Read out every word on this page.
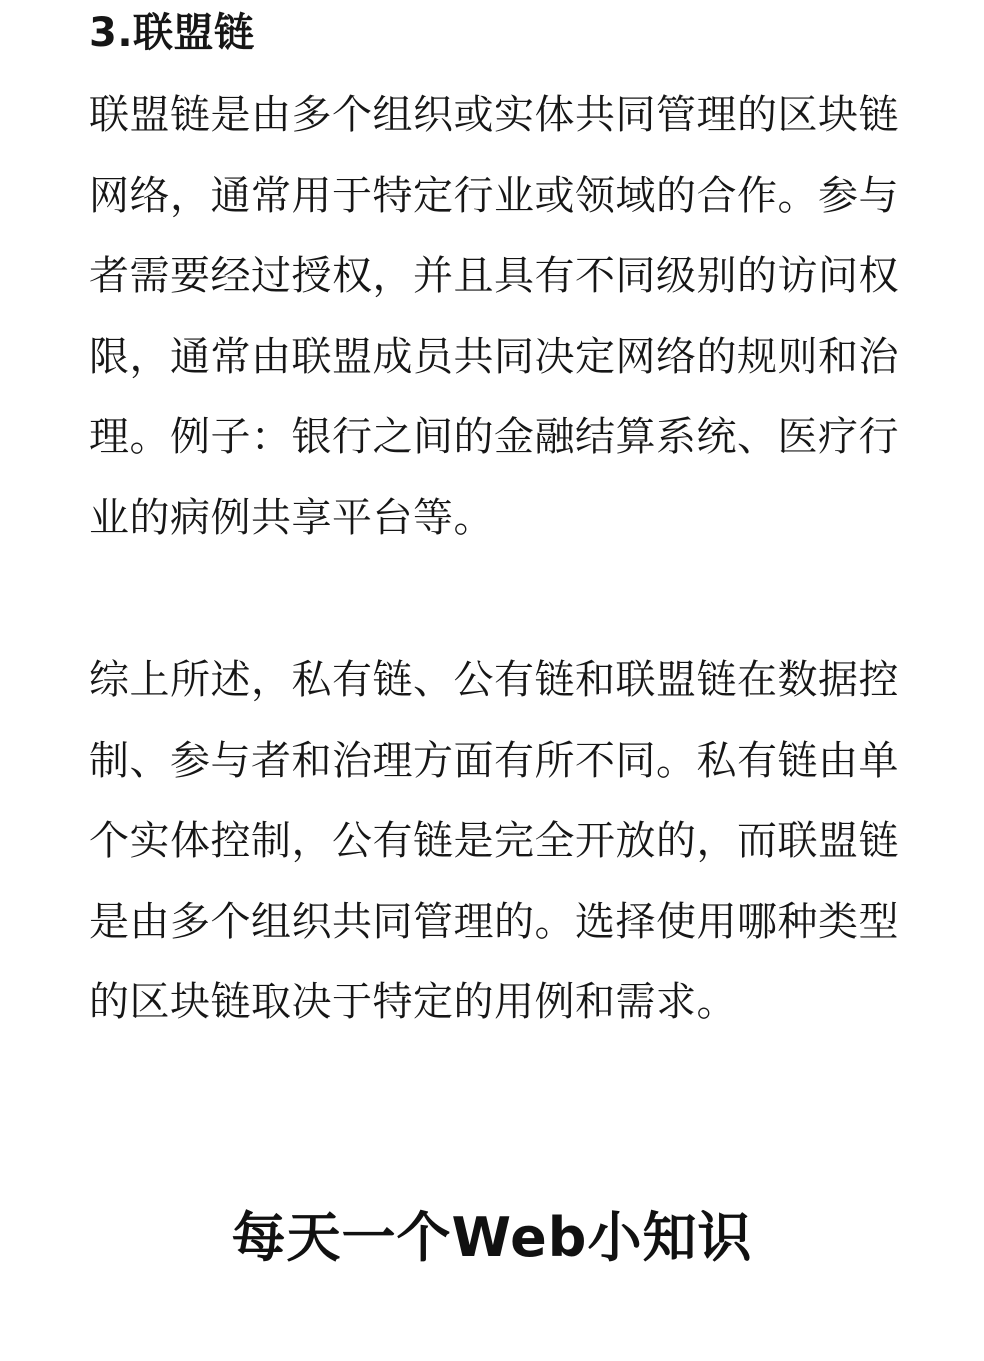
3.联盟链

联盟链是由多个组织或实体共同管理的区块链网络，通常用于特定行业或领域的合作。参与者需要经过授权，并且具有不同级别的访问权限，通常由联盟成员共同决定网络的规则和治理。例子：银行之间的金融结算系统、医疗行业的病例共享平台等。

综上所述，私有链、公有链和联盟链在数据控制、参与者和治理方面有所不同。私有链由单个实体控制，公有链是完全开放的，而联盟链是由多个组织共同管理的。选择使用哪种类型的区块链取决于特定的用例和需求。

每天一个Web小知识
